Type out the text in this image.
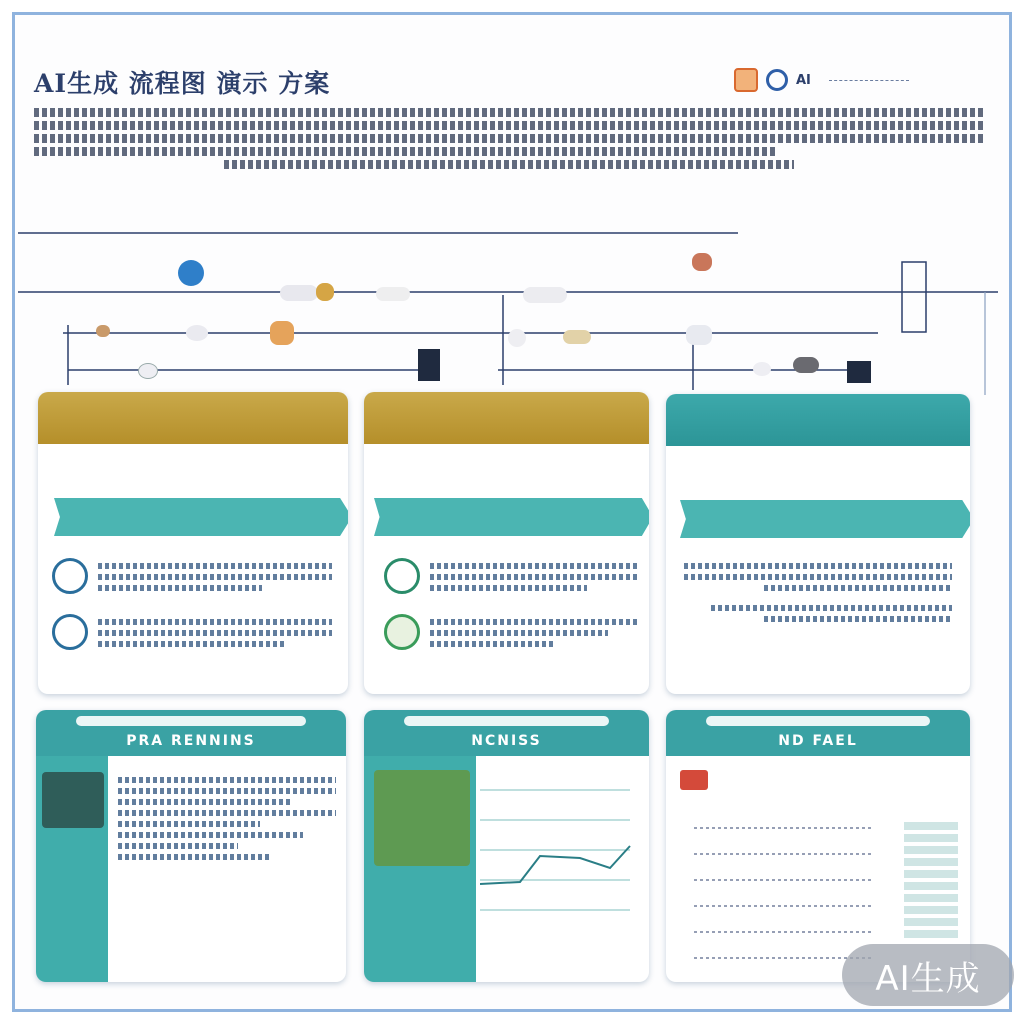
AI生成 流程图 演示 方案	AI
PRA RENNINS	NCNISS	ND FAEL
AI生成
